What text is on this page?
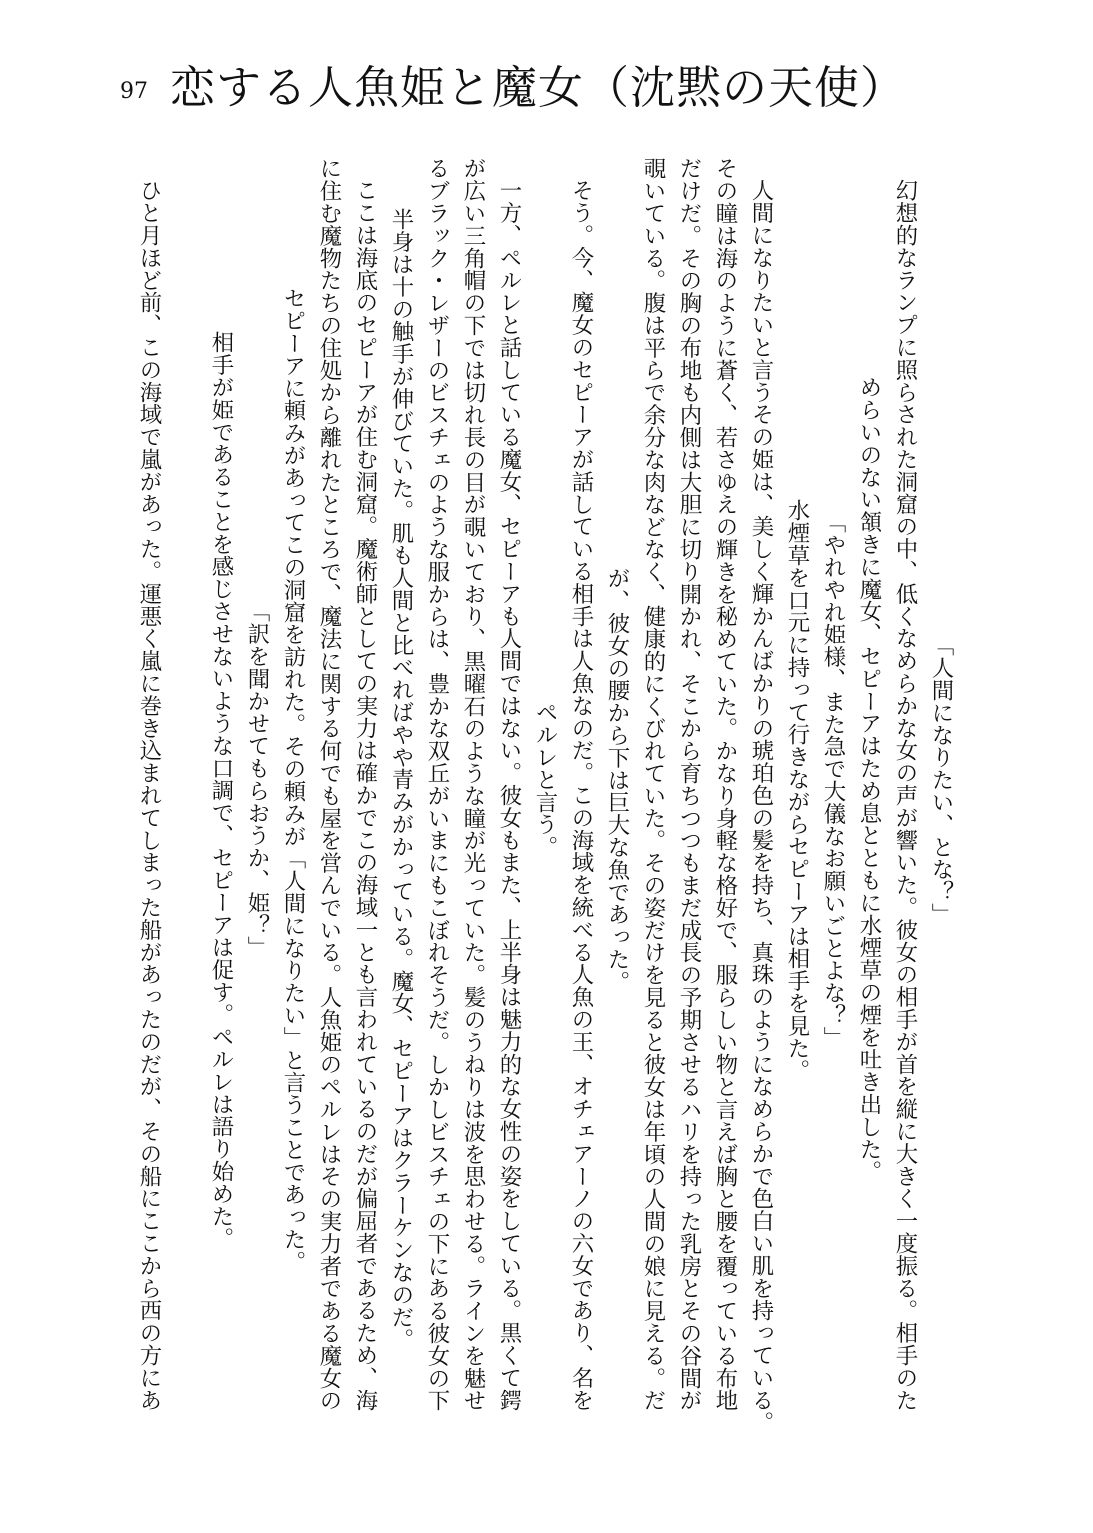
97 恋する人魚姫と魔女（沈黙の天使）
「人間になりたい、とな？」
幻想的なランプに照らされた洞窟の中、低くなめらかな女の声が響いた。彼女の相手が首を縦に大きく一度振る。相手のた
めらいのない頷きに魔女、セピーアはため息とともに水煙草の煙を吐き出した。
「やれやれ姫様、また急で大儀なお願いごとよな？」
水煙草を口元に持って行きながらセピーアは相手を見た。
人間になりたいと言うその姫は、美しく輝かんばかりの琥珀色の髪を持ち、真珠のようになめらかで色白い肌を持っている。
その瞳は海のように蒼く、若さゆえの輝きを秘めていた。かなり身軽な格好で、服らしい物と言えば胸と腰を覆っている布地
だけだ。その胸の布地も内側は大胆に切り開かれ、そこから育ちつつもまだ成長の予期させるハリを持った乳房とその谷間が
覗いている。腹は平らで余分な肉などなく、健康的にくびれていた。その姿だけを見ると彼女は年頃の人間の娘に見える。だ
が、彼女の腰から下は巨大な魚であった。
そう。今、魔女のセピーアが話している相手は人魚なのだ。この海域を統べる人魚の王、オチェアーノの六女であり、名を
ペルレと言う。
一方、ペルレと話している魔女、セピーアも人間ではない。彼女もまた、上半身は魅力的な女性の姿をしている。黒くて鍔
が広い三角帽の下では切れ長の目が覗いており、黒曜石のような瞳が光っていた。髪のうねりは波を思わせる。ラインを魅せ
るブラック・レザーのビスチェのような服からは、豊かな双丘がいまにもこぼれそうだ。しかしビスチェの下にある彼女の下
半身は十の触手が伸びていた。肌も人間と比べればやや青みがかっている。魔女、セピーアはクラーケンなのだ。
ここは海底のセピーアが住む洞窟。魔術師としての実力は確かでこの海域一とも言われているのだが偏屈者であるため、海
に住む魔物たちの住処から離れたところで、魔法に関する何でも屋を営んでいる。人魚姫のペルレはその実力者である魔女の
セピーアに頼みがあってこの洞窟を訪れた。その頼みが「人間になりたい」と言うことであった。
「訳を聞かせてもらおうか、姫？」
相手が姫であることを感じさせないような口調で、セピーアは促す。ペルレは語り始めた。
ひと月ほど前、この海域で嵐があった。運悪く嵐に巻き込まれてしまった船があったのだが、その船にここから西の方にあ
